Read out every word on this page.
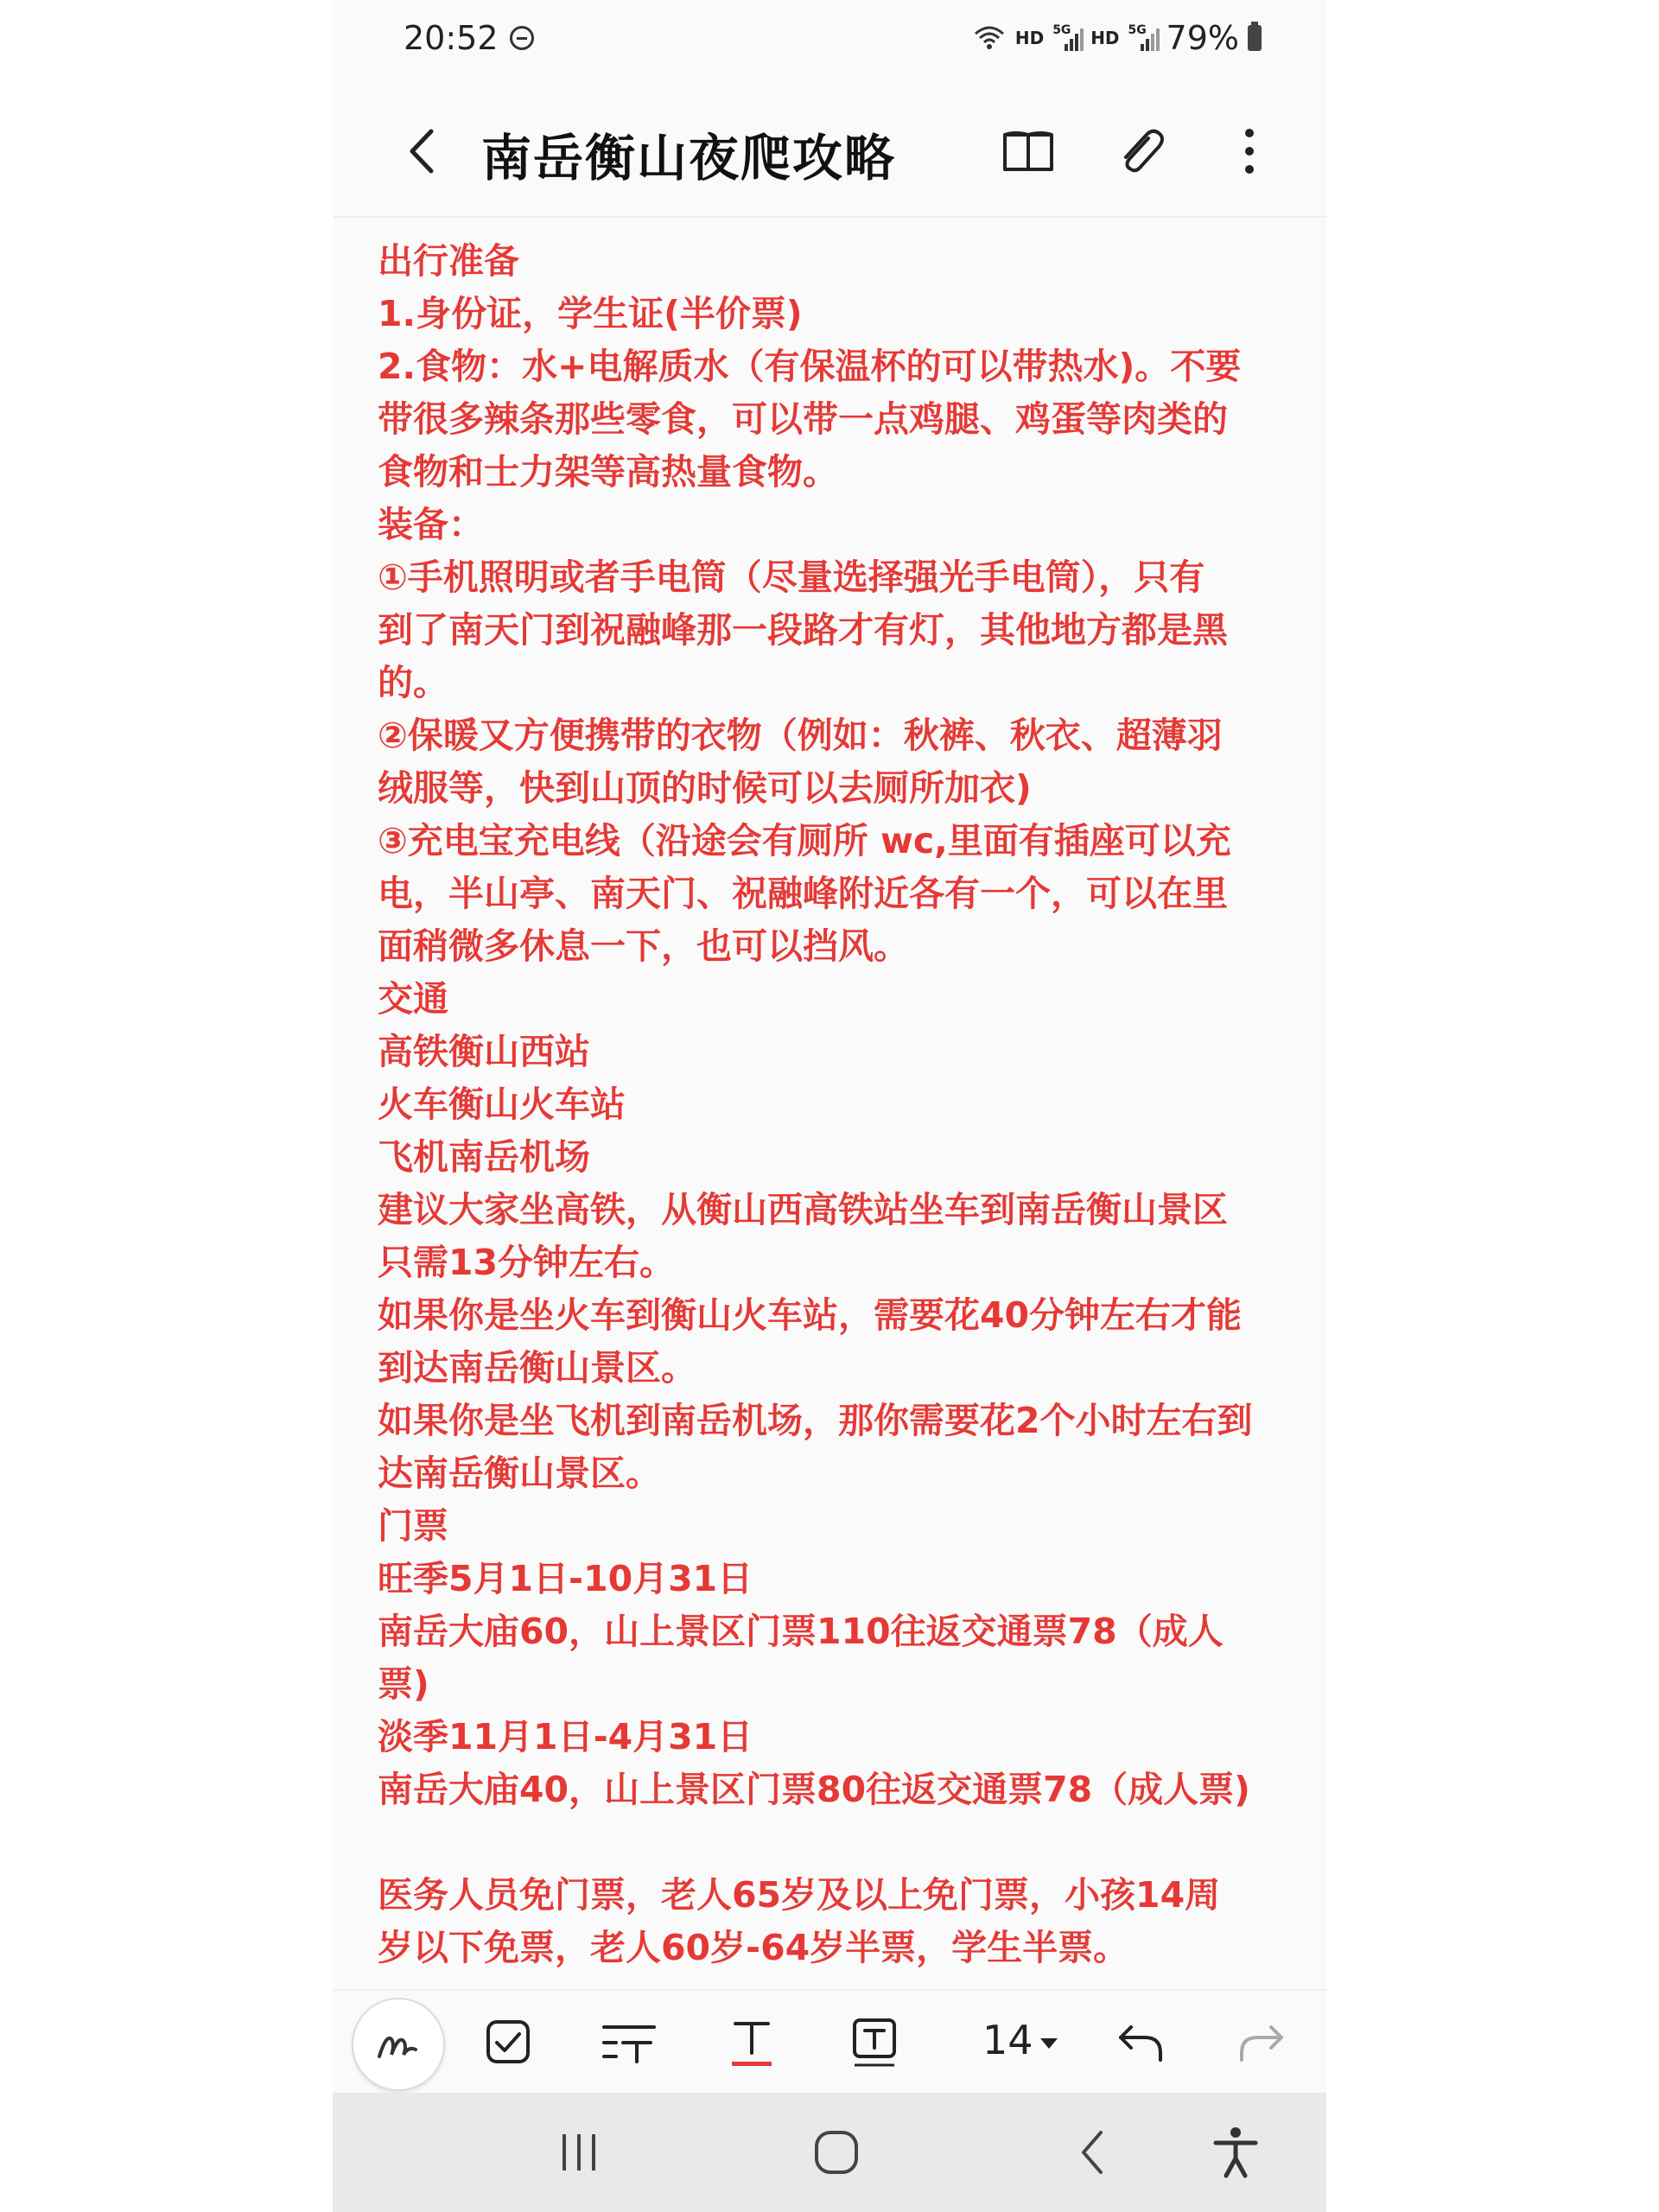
20:52	HD 5G HD 5G 79%
南岳衡山夜爬攻略
出行准备
1.身份证，学生证(半价票)
2.食物：水+电解质水（有保温杯的可以带热水)。不要
带很多辣条那些零食，可以带一点鸡腿、鸡蛋等肉类的
食物和士力架等高热量食物。
装备：
①手机照明或者手电筒（尽量选择强光手电筒），只有
到了南天门到祝融峰那一段路才有灯，其他地方都是黑
的。
②保暖又方便携带的衣物（例如：秋裤、秋衣、超薄羽
绒服等，快到山顶的时候可以去厕所加衣)
③充电宝充电线（沿途会有厕所 wc,里面有插座可以充
电，半山亭、南天门、祝融峰附近各有一个，可以在里
面稍微多休息一下，也可以挡风。
交通
高铁衡山西站
火车衡山火车站
飞机南岳机场
建议大家坐高铁，从衡山西高铁站坐车到南岳衡山景区
只需13分钟左右。
如果你是坐火车到衡山火车站，需要花40分钟左右才能
到达南岳衡山景区。
如果你是坐飞机到南岳机场，那你需要花2个小时左右到
达南岳衡山景区。
门票
旺季5月1日-10月31日
南岳大庙60，山上景区门票110往返交通票78（成人
票)
淡季11月1日-4月31日
南岳大庙40，山上景区门票80往返交通票78（成人票)
医务人员免门票，老人65岁及以上免门票，小孩14周
岁以下免票，老人60岁-64岁半票，学生半票。
14
